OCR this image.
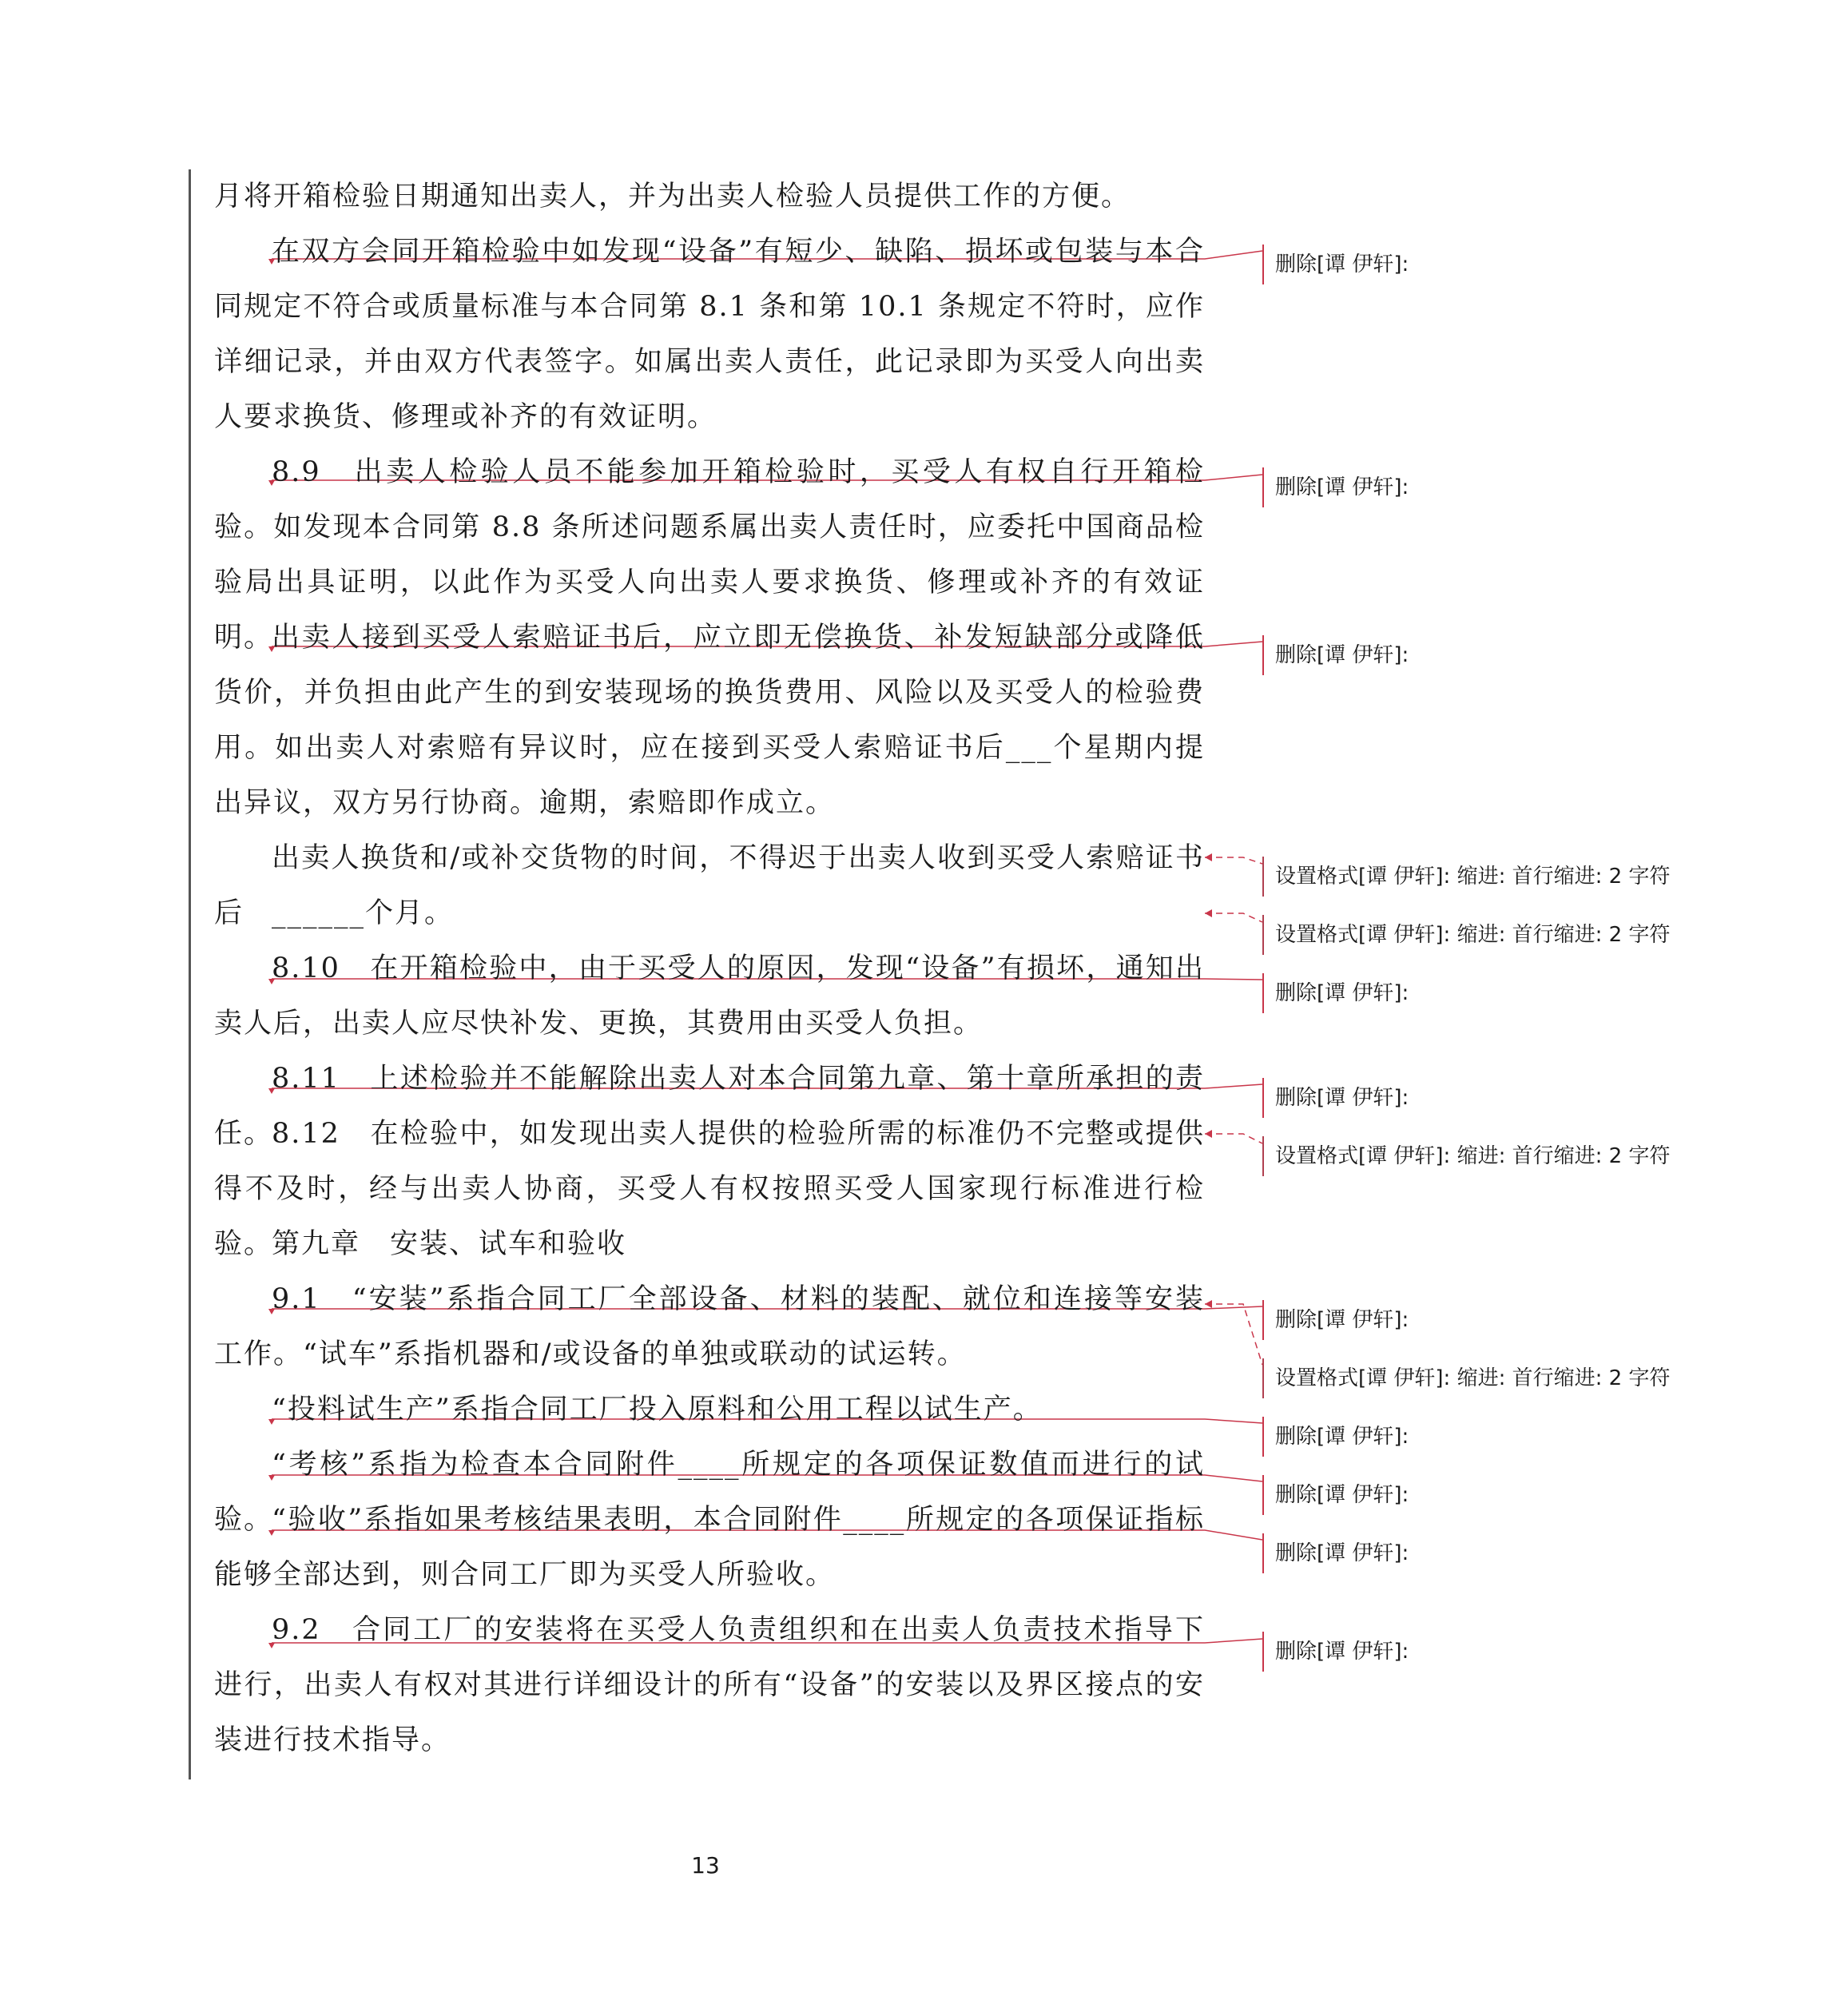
月将开箱检验日期通知出卖人，并为出卖人检验人员提供工作的方便。

在双方会同开箱检验中如发现“设备”有短少、缺陷、损坏或包装与本合同规定不符合或质量标准与本合同第 8.1 条和第 10.1 条规定不符时，应作详细记录，并由双方代表签字。如属出卖人责任，此记录即为买受人向出卖人要求换货、修理或补齐的有效证明。

8.9　出卖人检验人员不能参加开箱检验时，买受人有权自行开箱检验。如发现本合同第 8.8 条所述问题系属出卖人责任时，应委托中国商品检验局出具证明，以此作为买受人向出卖人要求换货、修理或补齐的有效证明。

出卖人接到买受人索赔证书后，应立即无偿换货、补发短缺部分或降低货价，并负担由此产生的到安装现场的换货费用、风险以及买受人的检验费用。如出卖人对索赔有异议时，应在接到买受人索赔证书后___个星期内提出异议，双方另行协商。逾期，索赔即作成立。

出卖人换货和/或补交货物的时间，不得迟于出卖人收到买受人索赔证书后 ______个月。

8.10　在开箱检验中，由于买受人的原因，发现“设备”有损坏，通知出卖人后，出卖人应尽快补发、更换，其费用由买受人负担。

8.11　上述检验并不能解除出卖人对本合同第九章、第十章所承担的责任。

8.12　在检验中，如发现出卖人提供的检验所需的标准仍不完整或提供得不及时，经与出卖人协商，买受人有权按照买受人国家现行标准进行检验。

第九章　安装、试车和验收

9.1　“安装”系指合同工厂全部设备、材料的装配、就位和连接等安装工作。“试车”系指机器和/或设备的单独或联动的试运转。

“投料试生产”系指合同工厂投入原料和公用工程以试生产。

“考核”系指为检查本合同附件____所规定的各项保证数值而进行的试验。

“验收”系指如果考核结果表明，本合同附件____所规定的各项保证指标能够全部达到，则合同工厂即为买受人所验收。

9.2　合同工厂的安装将在买受人负责组织和在出卖人负责技术指导下进行，出卖人有权对其进行详细设计的所有“设备”的安装以及界区接点的安装进行技术指导。

删除[谭 伊轩]:
删除[谭 伊轩]:
删除[谭 伊轩]:
设置格式[谭 伊轩]: 缩进: 首行缩进: 2 字符
设置格式[谭 伊轩]: 缩进: 首行缩进: 2 字符
删除[谭 伊轩]:
删除[谭 伊轩]:
设置格式[谭 伊轩]: 缩进: 首行缩进: 2 字符
删除[谭 伊轩]:
设置格式[谭 伊轩]: 缩进: 首行缩进: 2 字符
删除[谭 伊轩]:
删除[谭 伊轩]:
删除[谭 伊轩]:
删除[谭 伊轩]:
13
